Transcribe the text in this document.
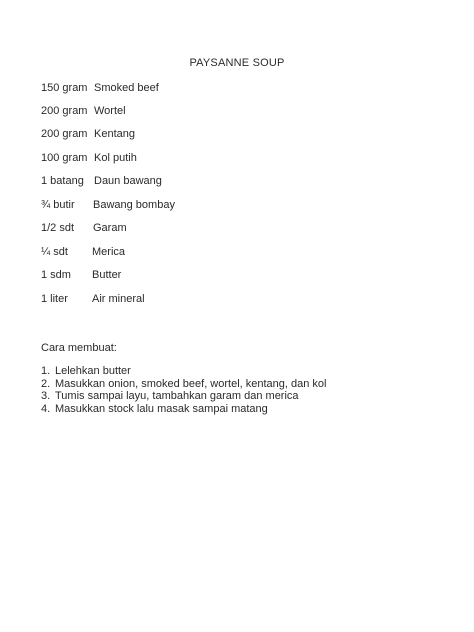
PAYSANNE SOUP
150 gram Smoked beef
200 gram Wortel
200 gram Kentang
100 gram Kol putih
1 batang Daun bawang
¾ butir Bawang bombay
1/2 sdt Garam
¼ sdt Merica
1 sdm Butter
1 liter Air mineral
Cara membuat:
1. Lelehkan butter
2. Masukkan onion, smoked beef, wortel, kentang, dan kol
3. Tumis sampai layu, tambahkan garam dan merica
4. Masukkan stock lalu masak sampai matang
